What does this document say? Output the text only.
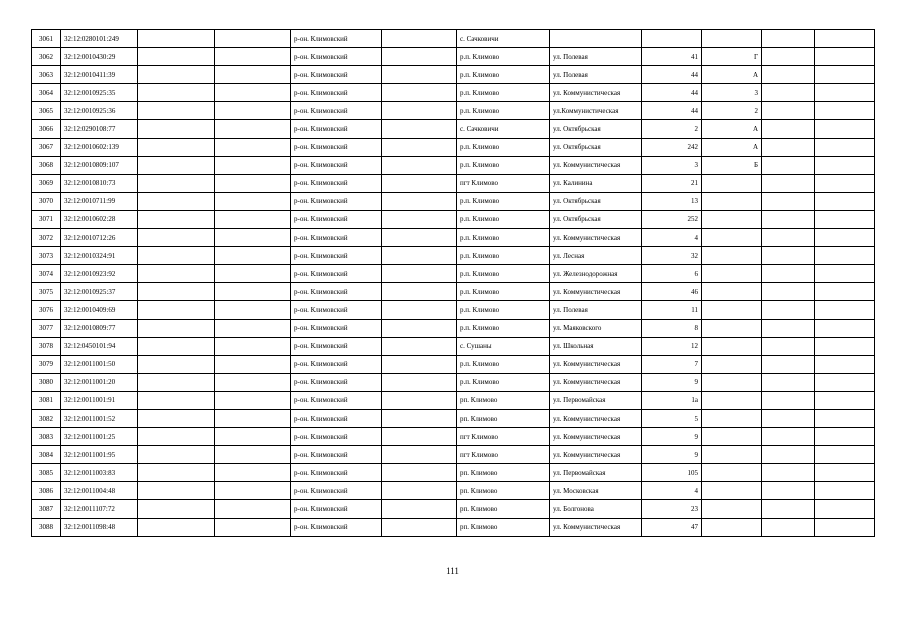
3061	32:12:0280101:249			р-он. Климовский		с. Сачковичи					
3062	32:12:0010430:29			р-он. Климовский		р.п. Климово	ул. Полевая	41	Г		
3063	32:12:0010411:39			р-он. Климовский		р.п. Климово	ул. Полевая	44	А		
3064	32:12:0010925:35			р-он. Климовский		р.п. Климово	ул. Коммунистическая	44	3		
3065	32:12:0010925:36			р-он. Климовский		р.п. Климово	ул.Коммунистическая	44	2		
3066	32:12:0290108:77			р-он. Климовский		с. Сачковичи	ул. Октябрьская	2	А		
3067	32:12:0010602:139			р-он. Климовский		р.п. Климово	ул. Октябрьская	242	А		
3068	32:12:0010809:107			р-он. Климовский		р.п. Климово	ул. Коммунистическая	3	Б		
3069	32:12:0010810:73			р-он. Климовский		пгт Климово	ул. Калинина	21			
3070	32:12:0010711:99			р-он. Климовский		р.п. Климово	ул. Октябрьская	13			
3071	32:12:0010602:28			р-он. Климовский		р.п. Климово	ул. Октябрьская	252			
3072	32:12:0010712:26			р-он. Климовский		р.п. Климово	ул. Коммунистическая	4			
3073	32:12:0010324:91			р-он. Климовский		р.п. Климово	ул. Лесная	32			
3074	32:12:0010923:92			р-он. Климовский		р.п. Климово	ул. Железнодорожная	6			
3075	32:12:0010925:37			р-он. Климовский		р.п. Климово	ул. Коммунистическая	46			
3076	32:12:0010409:69			р-он. Климовский		р.п. Климово	ул. Полевая	11			
3077	32:12:0010809:77			р-он. Климовский		р.п. Климово	ул. Маяковского	8			
3078	32:12:0450101:94			р-он. Климовский		с. Сушаны	ул. Школьная	12			
3079	32:12:0011001:50			р-он. Климовский		р.п. Климово	ул. Коммунистическая	7			
3080	32:12:0011001:20			р-он. Климовский		р.п. Климово	ул. Коммунистическая	9			
3081	32:12:0011001:91			р-он. Климовский		рп. Климово	ул. Первомайская	1а			
3082	32:12:0011001:52			р-он. Климовский		рп. Климово	ул. Коммунистическая	5			
3083	32:12:0011001:25			р-он. Климовский		пгт Климово	ул. Коммунистическая	9			
3084	32:12:0011001:95			р-он. Климовский		пгт Климово	ул. Коммунистическая	9			
3085	32:12:0011003:83			р-он. Климовский		рп. Климово	ул. Первомайская	105			
3086	32:12:0011004:48			р-он. Климовский		рп. Климово	ул. Московская	4			
3087	32:12:0011107:72			р-он. Климовский		рп. Климово	ул. Болгонова	23			
3088	32:12:0011098:48			р-он. Климовский		рп. Климово	ул. Коммунистическая	47			
111
